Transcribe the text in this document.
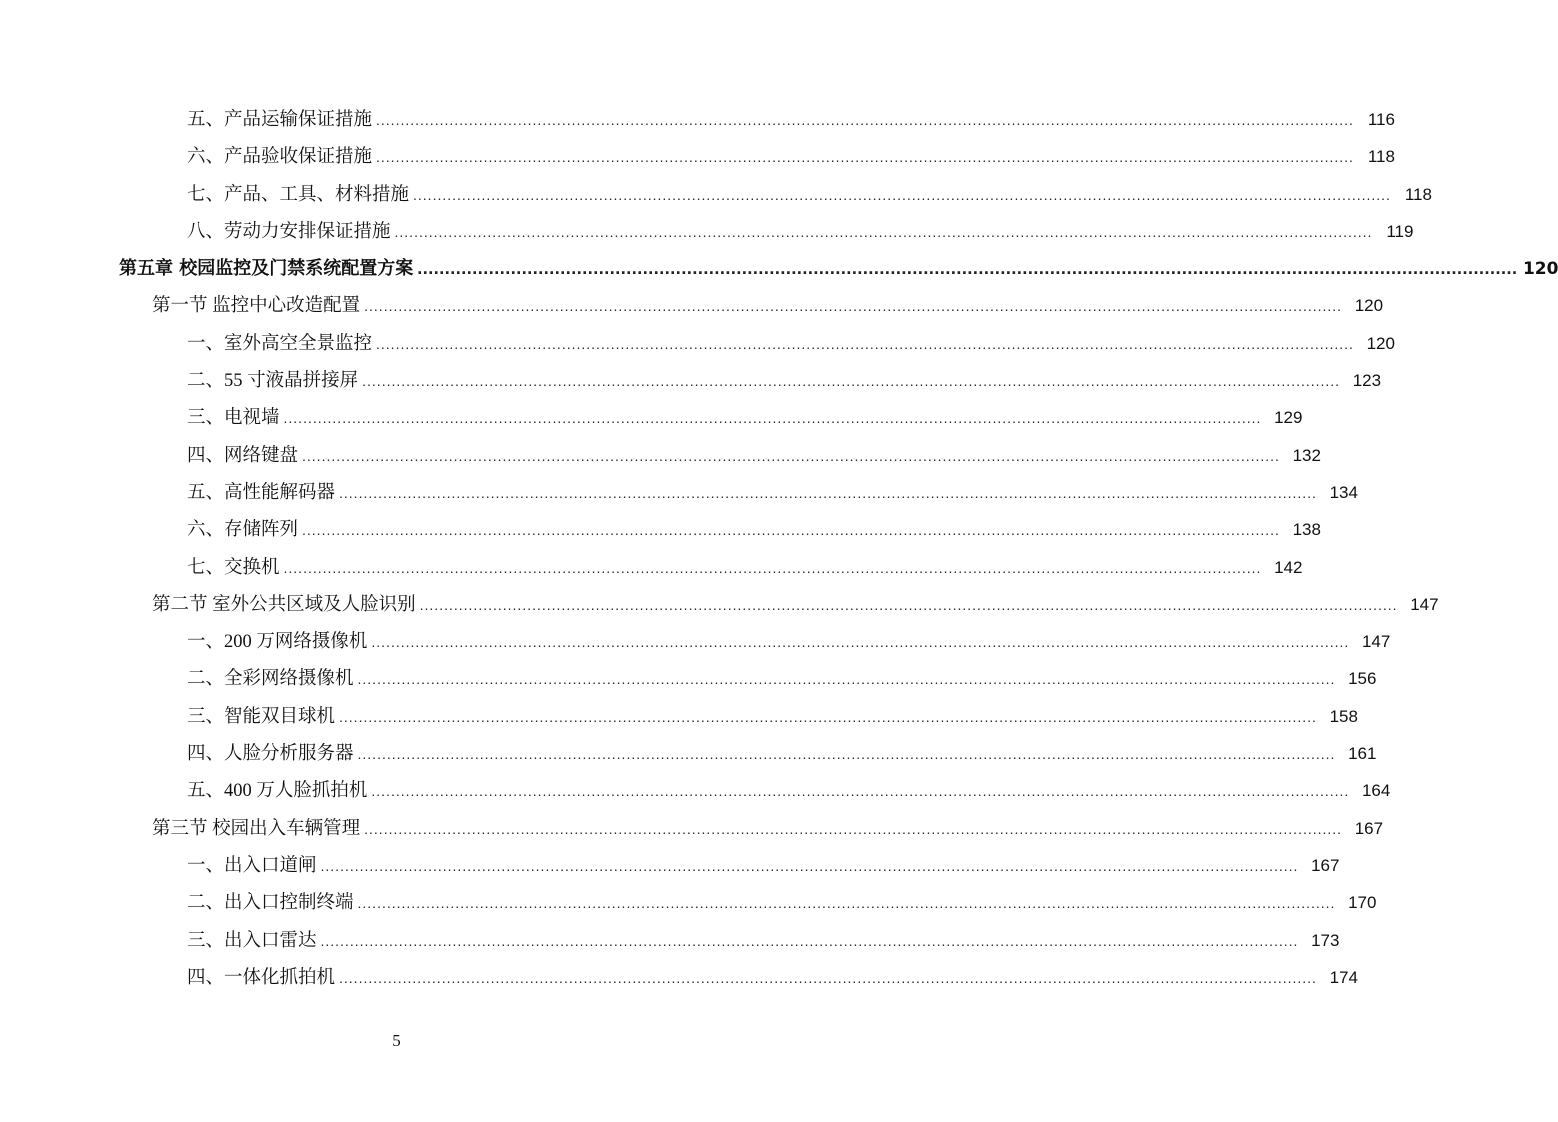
五、产品运输保证措施 ........................................................................................................................................................................................................ 116
六、产品验收保证措施 ........................................................................................................................................................................................................ 118
七、产品、工具、材料措施 ........................................................................................................................................................................................................ 118
八、劳动力安排保证措施 ........................................................................................................................................................................................................ 119
第五章 校园监控及门禁系统配置方案 ........................................................................................................................................................................................................ 120
第一节 监控中心改造配置 ........................................................................................................................................................................................................ 120
一、室外高空全景监控 ........................................................................................................................................................................................................ 120
二、55 寸液晶拼接屏 ........................................................................................................................................................................................................ 123
三、电视墙 ........................................................................................................................................................................................................ 129
四、网络键盘 ........................................................................................................................................................................................................ 132
五、高性能解码器 ........................................................................................................................................................................................................ 134
六、存储阵列 ........................................................................................................................................................................................................ 138
七、交换机 ........................................................................................................................................................................................................ 142
第二节 室外公共区域及人脸识别 ........................................................................................................................................................................................................ 147
一、200 万网络摄像机 ........................................................................................................................................................................................................ 147
二、全彩网络摄像机 ........................................................................................................................................................................................................ 156
三、智能双目球机 ........................................................................................................................................................................................................ 158
四、人脸分析服务器 ........................................................................................................................................................................................................ 161
五、400 万人脸抓拍机 ........................................................................................................................................................................................................ 164
第三节 校园出入车辆管理 ........................................................................................................................................................................................................ 167
一、出入口道闸 ........................................................................................................................................................................................................ 167
二、出入口控制终端 ........................................................................................................................................................................................................ 170
三、出入口雷达 ........................................................................................................................................................................................................ 173
四、一体化抓拍机 ........................................................................................................................................................................................................ 174
5
